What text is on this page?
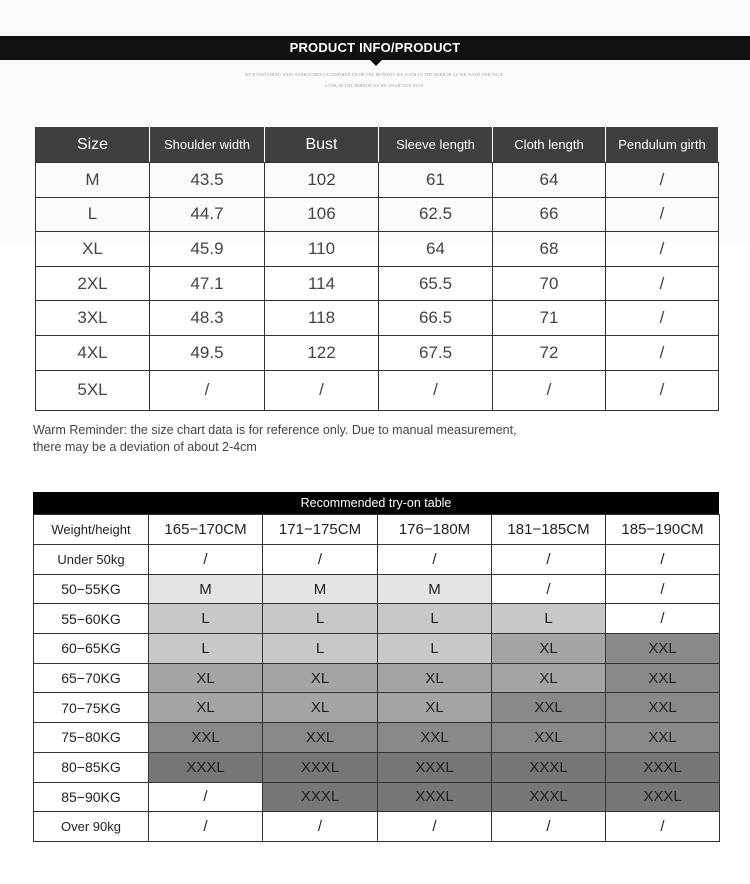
PRODUCT INFO/PRODUCT
BY EVERYTHING THAT SURROUNDS US INSPIRED FROM THE MOMENT WE LOOK IN THE MIRROR AS WE WASH OUR FACE.
LOOK IN THE MIRROR AS WE WASH OUR FACE.
Size	Shoulder width	Bust	Sleeve length	Cloth length	Pendulum girth
M	43.5	102	61	64	/
L	44.7	106	62.5	66	/
XL	45.9	110	64	68	/
2XL	47.1	114	65.5	70	/
3XL	48.3	118	66.5	71	/
4XL	49.5	122	67.5	72	/
5XL	/	/	/	/	/
Warm Reminder: the size chart data is for reference only. Due to manual measurement,
there may be a deviation of about 2-4cm
Recommended try-on table
Weight/height	165−170CM	171−175CM	176−180M	181−185CM	185−190CM
Under 50kg	/	/	/	/	/
50−55KG	M	M	M	/	/
55−60KG	L	L	L	L	/
60−65KG	L	L	L	XL	XXL
65−70KG	XL	XL	XL	XL	XXL
70−75KG	XL	XL	XL	XXL	XXL
75−80KG	XXL	XXL	XXL	XXL	XXL
80−85KG	XXXL	XXXL	XXXL	XXXL	XXXL
85−90KG	/	XXXL	XXXL	XXXL	XXXL
Over 90kg	/	/	/	/	/
